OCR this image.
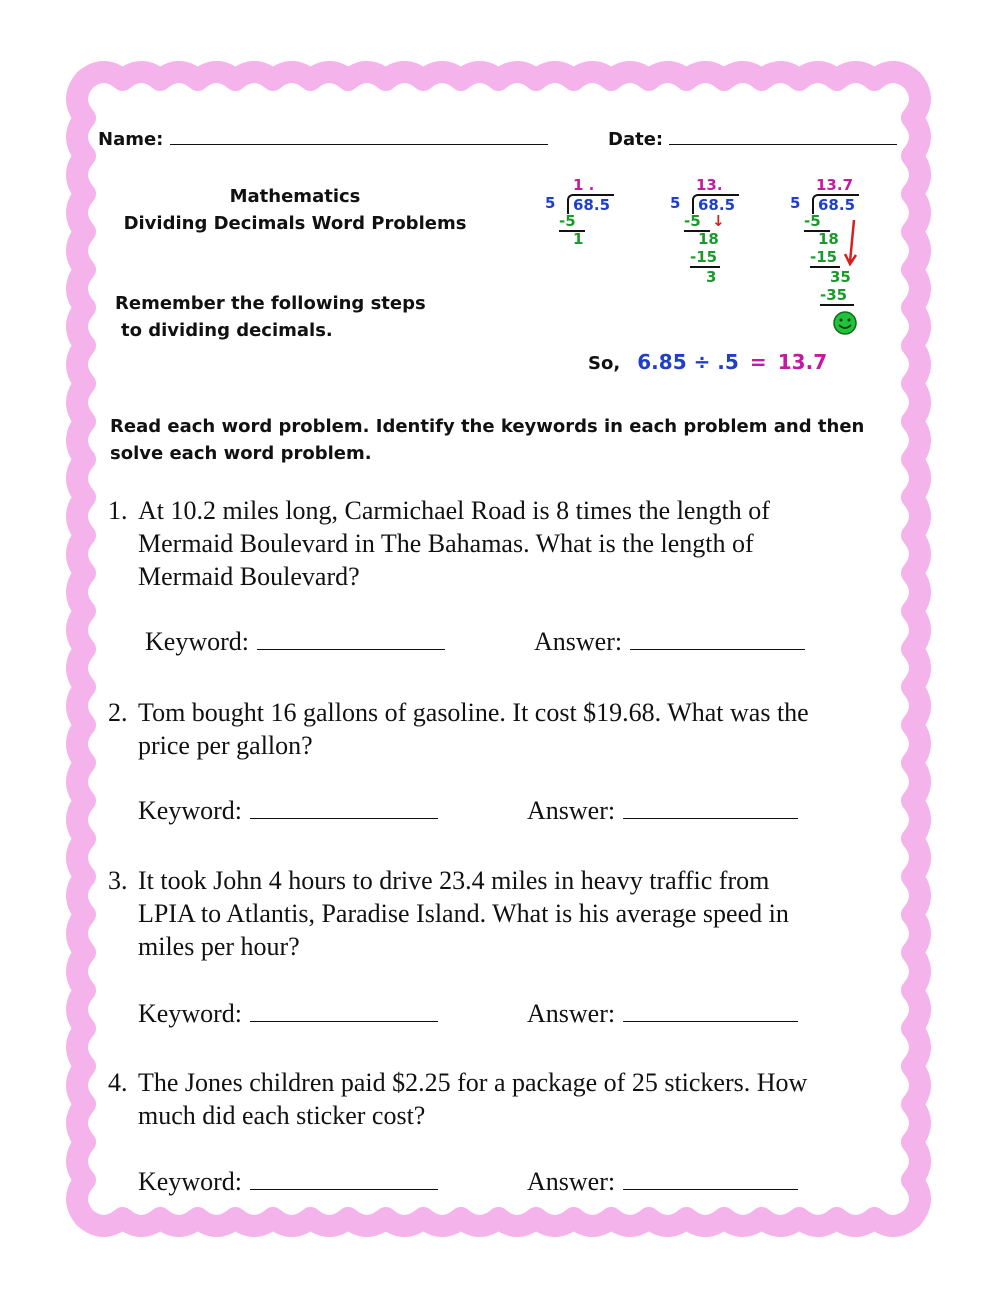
Name:	Date:
Mathematics
Dividing Decimals Word Problems
Remember the following steps
to dividing decimals.
1 .
5	68.5
-5
1
13.
5	68.5
-5 ↓
18
-15
3
13.7
5	68.5
-5
18
-15
35
-35
So, 6.85 ÷ .5 = 13.7
Read each word problem. Identify the keywords in each problem and then
solve each word problem.
1. At 10.2 miles long, Carmichael Road is 8 times the length of
Mermaid Boulevard in The Bahamas. What is the length of
Mermaid Boulevard?
Keyword:	Answer:
2. Tom bought 16 gallons of gasoline. It cost $19.68. What was the
price per gallon?
Keyword:	Answer:
3. It took John 4 hours to drive 23.4 miles in heavy traffic from
LPIA to Atlantis, Paradise Island. What is his average speed in
miles per hour?
Keyword:	Answer:
4. The Jones children paid $2.25 for a package of 25 stickers. How
much did each sticker cost?
Keyword:	Answer:
